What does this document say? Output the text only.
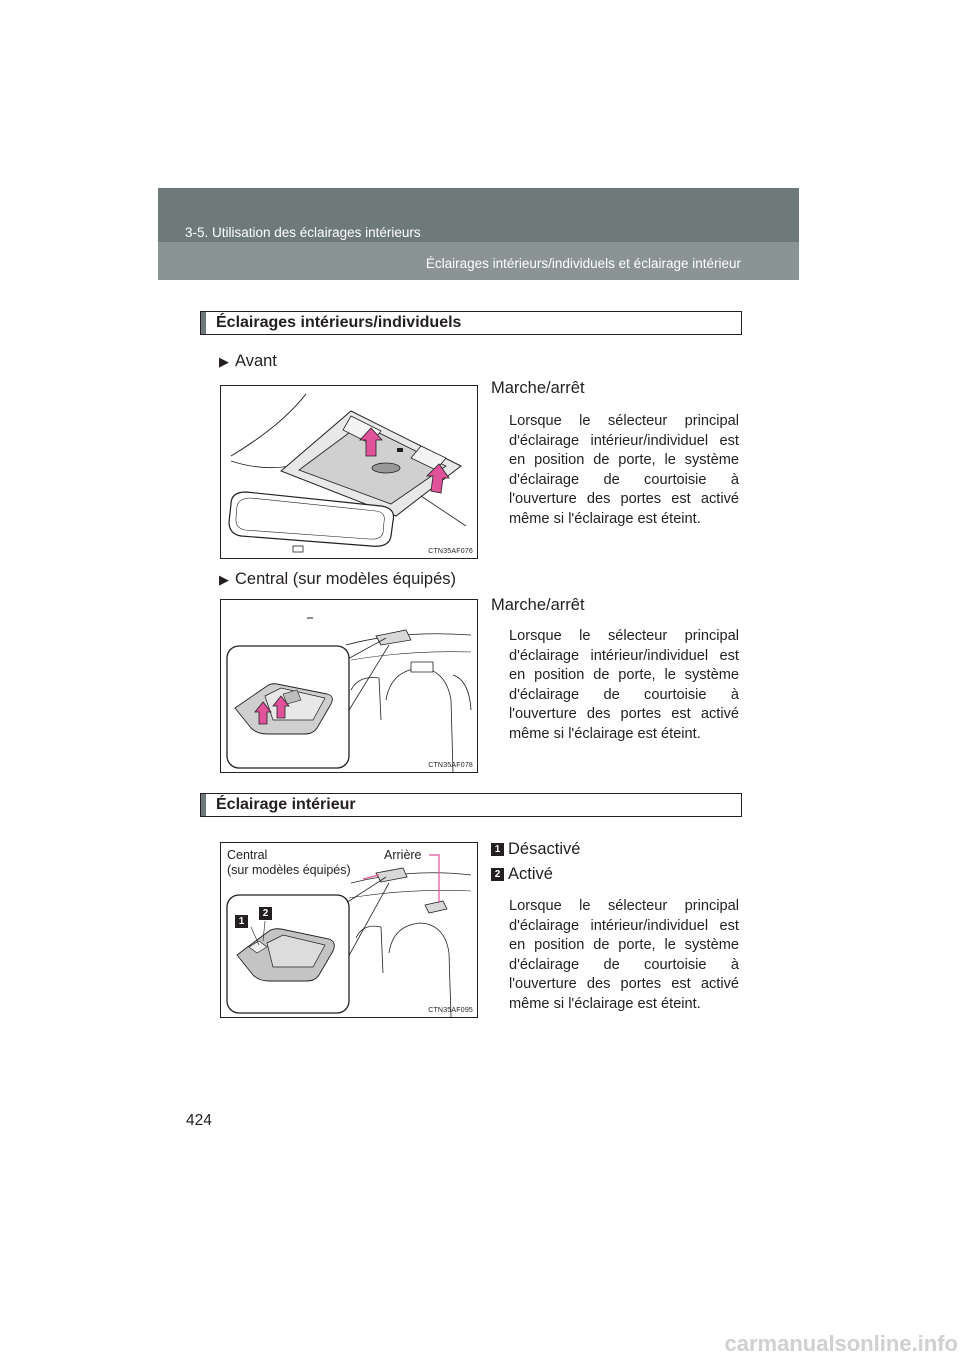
3-5. Utilisation des éclairages intérieurs
Éclairages intérieurs/individuels et éclairage intérieur
Éclairages intérieurs/individuels
▶ Avant
CTN35AF076
Marche/arrêt
Lorsque le sélecteur principal d'éclairage intérieur/individuel est en position de porte, le système d'éclairage de courtoisie à l'ouverture des portes est activé même si l'éclairage est éteint.
▶ Central (sur modèles équipés)
CTN35AF078
Marche/arrêt
Lorsque le sélecteur principal d'éclairage intérieur/individuel est en position de porte, le système d'éclairage de courtoisie à l'ouverture des portes est activé même si l'éclairage est éteint.
Éclairage intérieur
Central
(sur modèles équipés)
Arrière
1
2
CTN35AF095
1 Désactivé
2 Activé
Lorsque le sélecteur principal d'éclairage intérieur/individuel est en position de porte, le système d'éclairage de courtoisie à l'ouverture des portes est activé même si l'éclairage est éteint.
424
carmanualsonline.info
